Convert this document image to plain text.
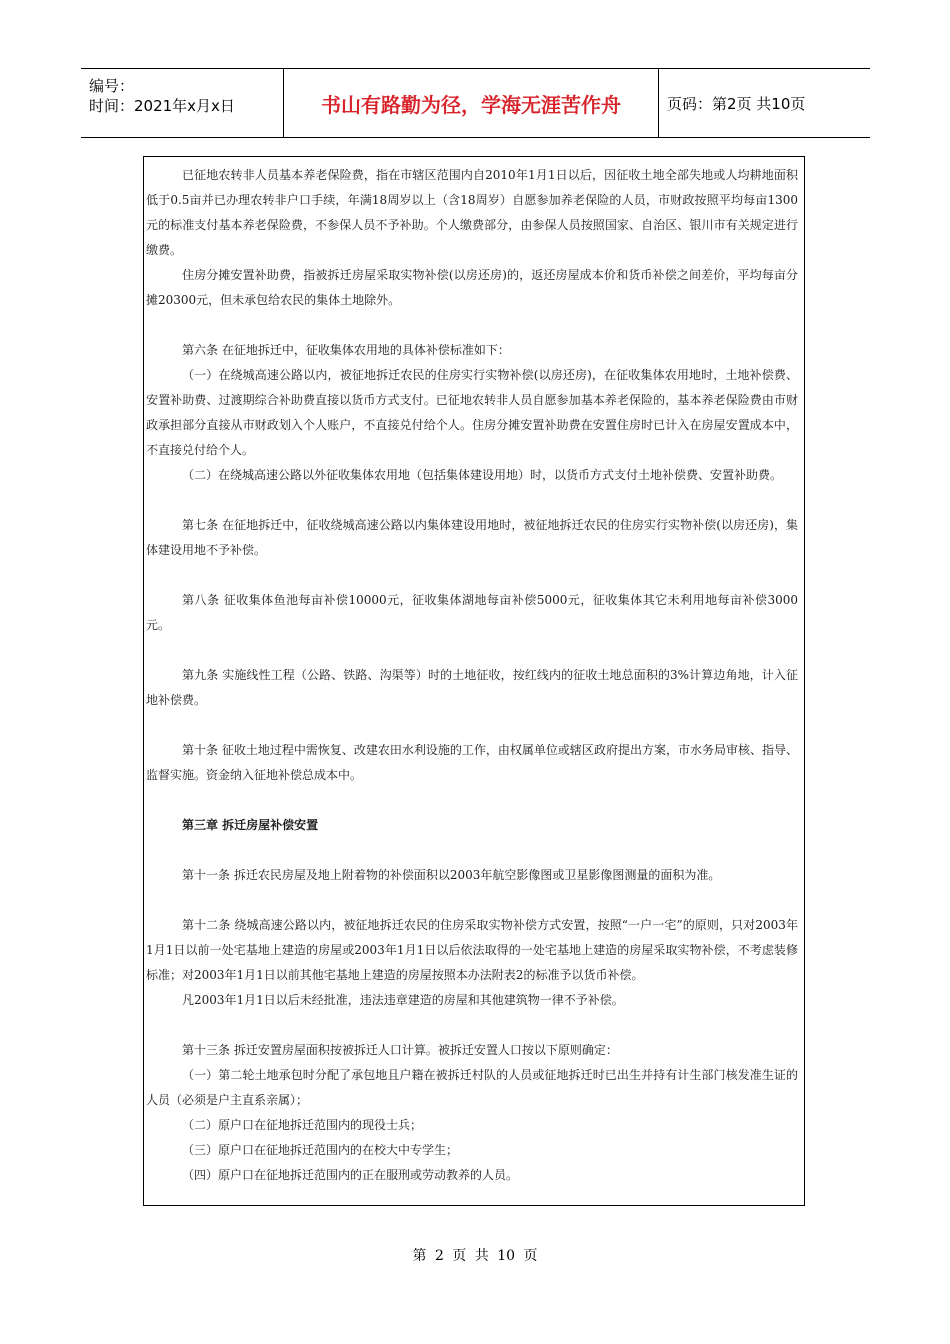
编号：
时间：2021年x月x日	书山有路勤为径，学海无涯苦作舟	页码：第2页 共10页

已征地农转非人员基本养老保险费，指在市辖区范围内自2010年1月1日以后，因征收土地全部失地或人均耕地面积低于0.5亩并已办理农转非户口手续，年满18周岁以上（含18周岁）自愿参加养老保险的人员，市财政按照平均每亩1300元的标准支付基本养老保险费，不参保人员不予补助。个人缴费部分，由参保人员按照国家、自治区、银川市有关规定进行缴费。

住房分摊安置补助费，指被拆迁房屋采取实物补偿(以房还房)的，返还房屋成本价和货币补偿之间差价，平均每亩分摊20300元，但未承包给农民的集体土地除外。

第六条 在征地拆迁中，征收集体农用地的具体补偿标准如下：

（一）在绕城高速公路以内，被征地拆迁农民的住房实行实物补偿(以房还房)，在征收集体农用地时，土地补偿费、安置补助费、过渡期综合补助费直接以货币方式支付。已征地农转非人员自愿参加基本养老保险的，基本养老保险费由市财政承担部分直接从市财政划入个人账户，不直接兑付给个人。住房分摊安置补助费在安置住房时已计入在房屋安置成本中，不直接兑付给个人。

（二）在绕城高速公路以外征收集体农用地（包括集体建设用地）时，以货币方式支付土地补偿费、安置补助费。

第七条 在征地拆迁中，征收绕城高速公路以内集体建设用地时，被征地拆迁农民的住房实行实物补偿(以房还房)，集体建设用地不予补偿。

第八条 征收集体鱼池每亩补偿10000元，征收集体湖地每亩补偿5000元，征收集体其它未利用地每亩补偿3000元。

第九条 实施线性工程（公路、铁路、沟渠等）时的土地征收，按红线内的征收土地总面积的3%计算边角地，计入征地补偿费。

第十条 征收土地过程中需恢复、改建农田水利设施的工作，由权属单位或辖区政府提出方案，市水务局审核、指导、监督实施。资金纳入征地补偿总成本中。

第三章 拆迁房屋补偿安置

第十一条 拆迁农民房屋及地上附着物的补偿面积以2003年航空影像图或卫星影像图测量的面积为准。

第十二条 绕城高速公路以内，被征地拆迁农民的住房采取实物补偿方式安置，按照“一户一宅”的原则，只对2003年1月1日以前一处宅基地上建造的房屋或2003年1月1日以后依法取得的一处宅基地上建造的房屋采取实物补偿，不考虑装修标准；对2003年1月1日以前其他宅基地上建造的房屋按照本办法附表2的标准予以货币补偿。

凡2003年1月1日以后未经批准，违法违章建造的房屋和其他建筑物一律不予补偿。

第十三条 拆迁安置房屋面积按被拆迁人口计算。被拆迁安置人口按以下原则确定：

（一）第二轮土地承包时分配了承包地且户籍在被拆迁村队的人员或征地拆迁时已出生并持有计生部门核发准生证的人员（必须是户主直系亲属）；

（二）原户口在征地拆迁范围内的现役士兵；

（三）原户口在征地拆迁范围内的在校大中专学生；

（四）原户口在征地拆迁范围内的正在服刑或劳动教养的人员。

第 2 页 共 10 页
